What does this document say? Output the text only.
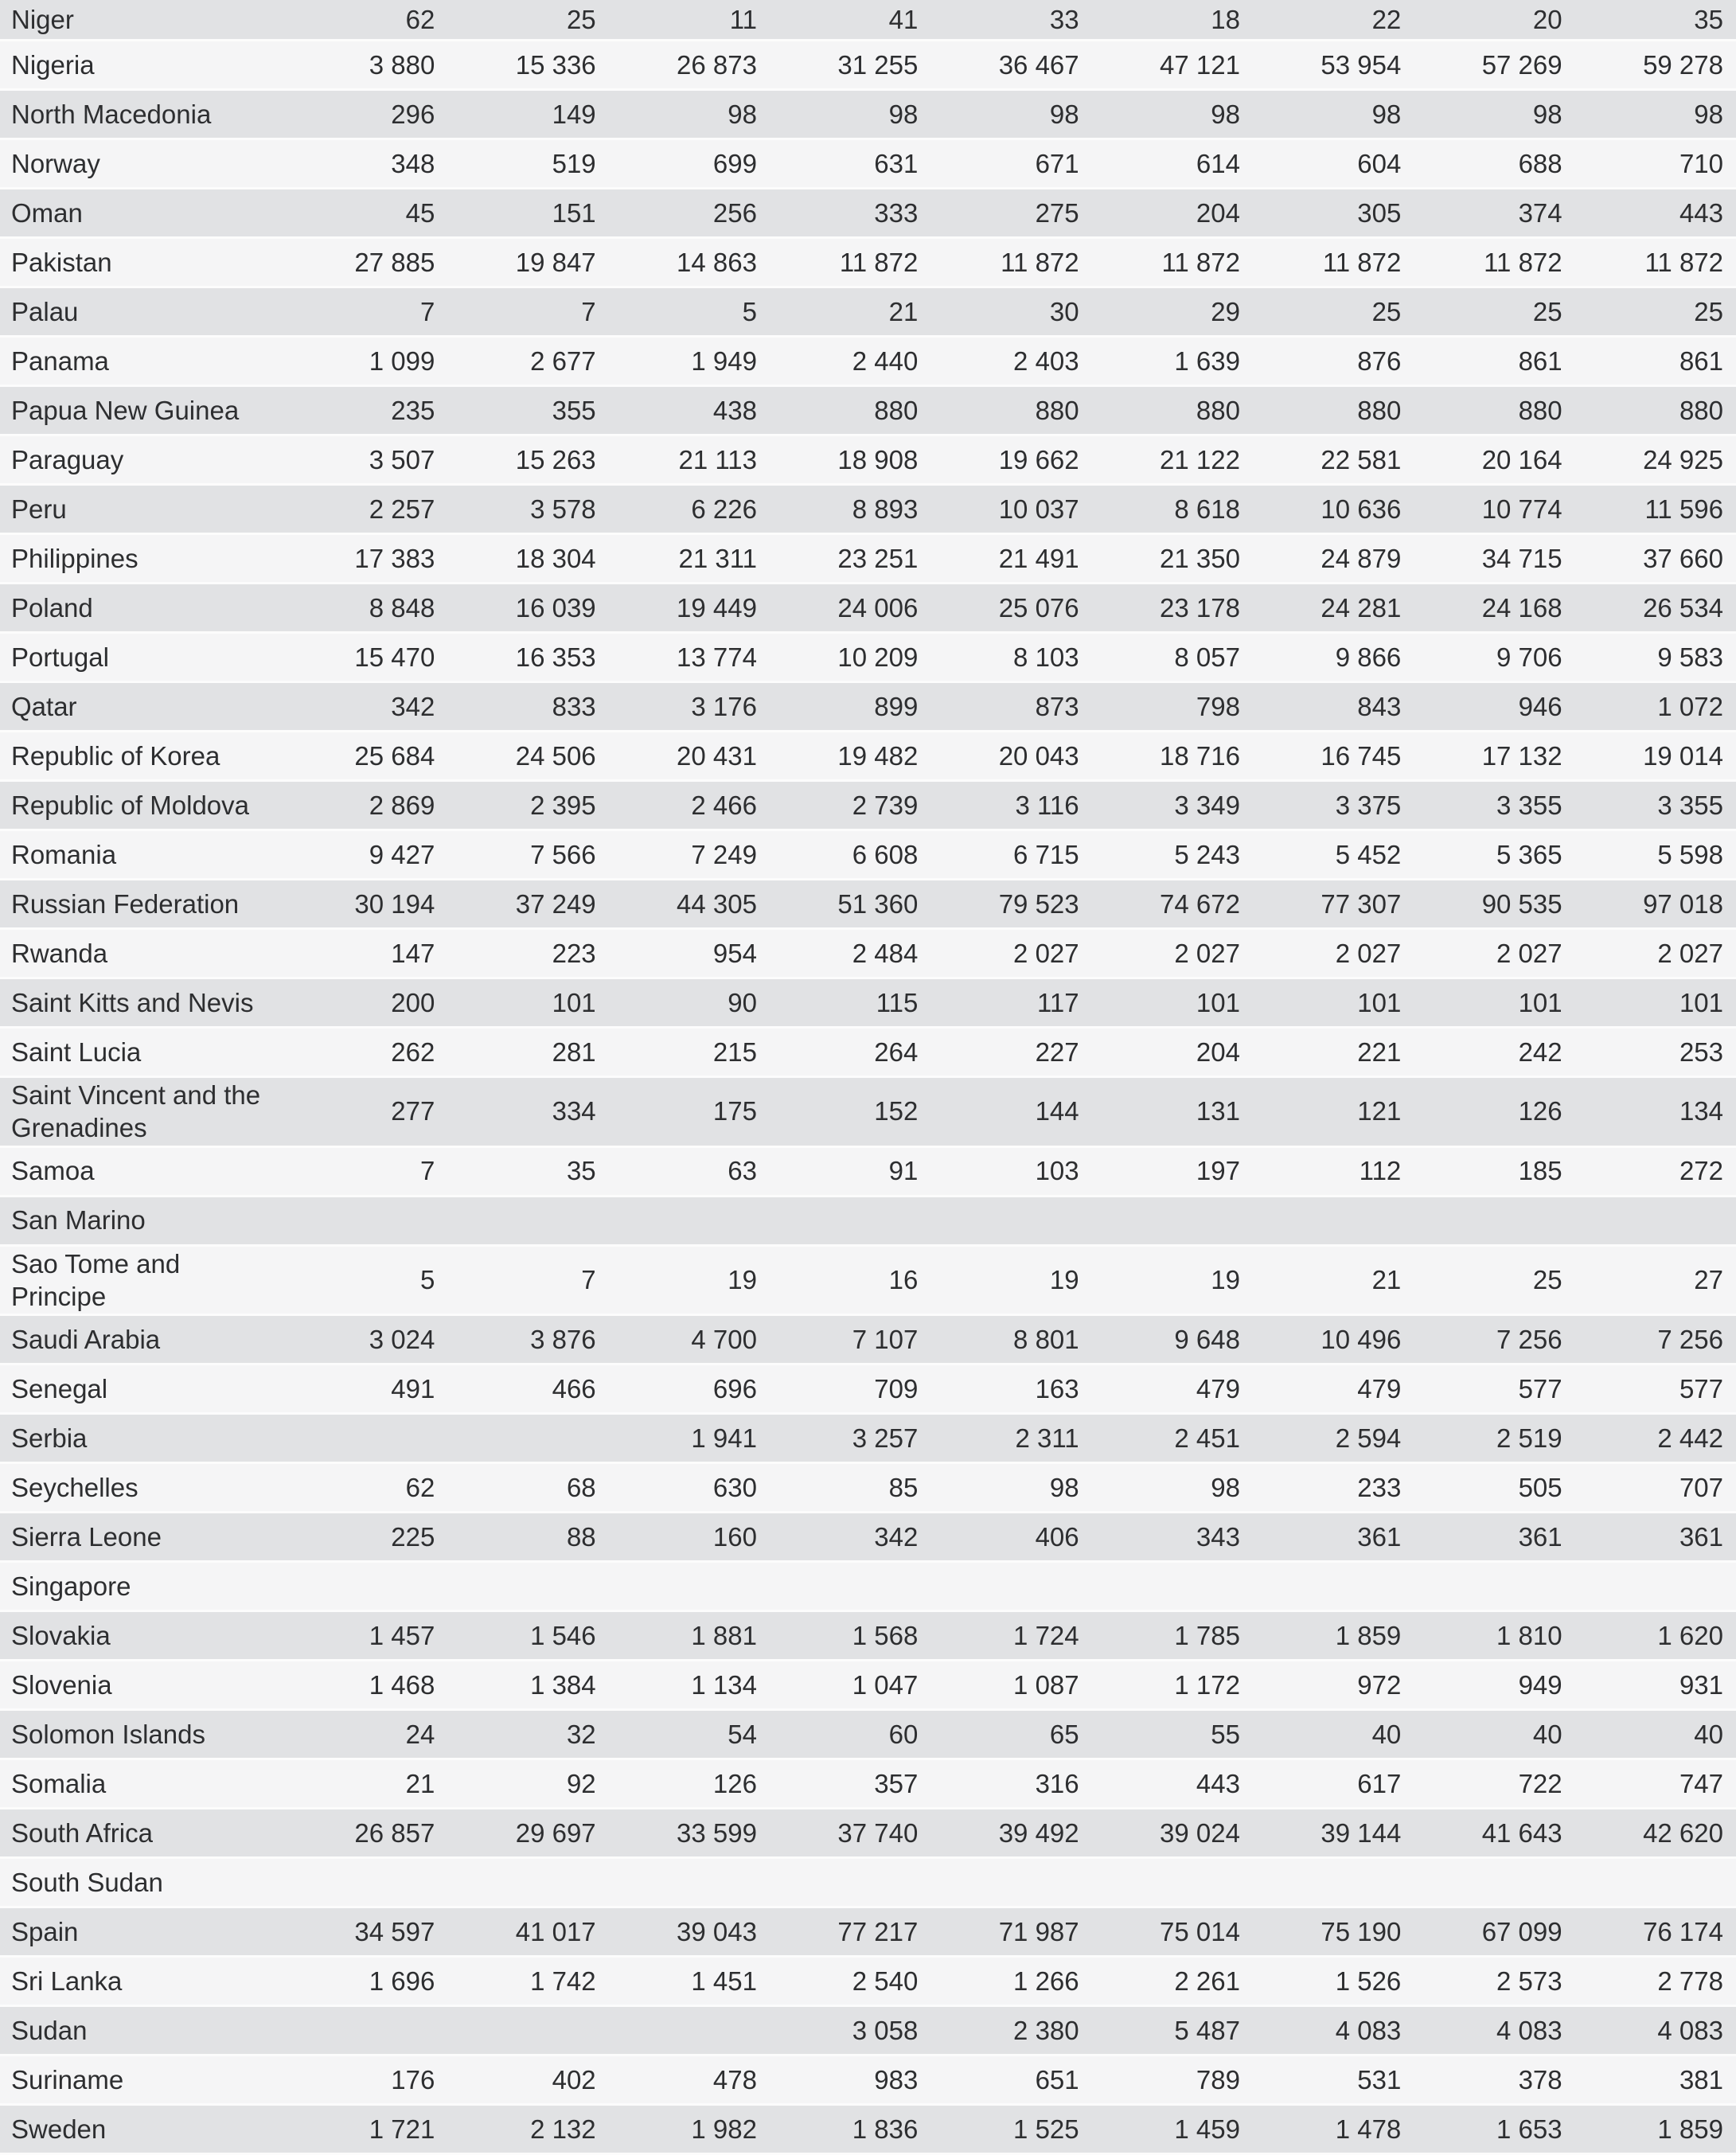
Niger	62	25	11	41	33	18	22	20	35
Nigeria	3 880	15 336	26 873	31 255	36 467	47 121	53 954	57 269	59 278
North Macedonia	296	149	98	98	98	98	98	98	98
Norway	348	519	699	631	671	614	604	688	710
Oman	45	151	256	333	275	204	305	374	443
Pakistan	27 885	19 847	14 863	11 872	11 872	11 872	11 872	11 872	11 872
Palau	7	7	5	21	30	29	25	25	25
Panama	1 099	2 677	1 949	2 440	2 403	1 639	876	861	861
Papua New Guinea	235	355	438	880	880	880	880	880	880
Paraguay	3 507	15 263	21 113	18 908	19 662	21 122	22 581	20 164	24 925
Peru	2 257	3 578	6 226	8 893	10 037	8 618	10 636	10 774	11 596
Philippines	17 383	18 304	21 311	23 251	21 491	21 350	24 879	34 715	37 660
Poland	8 848	16 039	19 449	24 006	25 076	23 178	24 281	24 168	26 534
Portugal	15 470	16 353	13 774	10 209	8 103	8 057	9 866	9 706	9 583
Qatar	342	833	3 176	899	873	798	843	946	1 072
Republic of Korea	25 684	24 506	20 431	19 482	20 043	18 716	16 745	17 132	19 014
Republic of Moldova	2 869	2 395	2 466	2 739	3 116	3 349	3 375	3 355	3 355
Romania	9 427	7 566	7 249	6 608	6 715	5 243	5 452	5 365	5 598
Russian Federation	30 194	37 249	44 305	51 360	79 523	74 672	77 307	90 535	97 018
Rwanda	147	223	954	2 484	2 027	2 027	2 027	2 027	2 027
Saint Kitts and Nevis	200	101	90	115	117	101	101	101	101
Saint Lucia	262	281	215	264	227	204	221	242	253
Saint Vincent and the Grenadines	277	334	175	152	144	131	121	126	134
Samoa	7	35	63	91	103	197	112	185	272
San Marino									
Sao Tome and Principe	5	7	19	16	19	19	21	25	27
Saudi Arabia	3 024	3 876	4 700	7 107	8 801	9 648	10 496	7 256	7 256
Senegal	491	466	696	709	163	479	479	577	577
Serbia			1 941	3 257	2 311	2 451	2 594	2 519	2 442
Seychelles	62	68	630	85	98	98	233	505	707
Sierra Leone	225	88	160	342	406	343	361	361	361
Singapore									
Slovakia	1 457	1 546	1 881	1 568	1 724	1 785	1 859	1 810	1 620
Slovenia	1 468	1 384	1 134	1 047	1 087	1 172	972	949	931
Solomon Islands	24	32	54	60	65	55	40	40	40
Somalia	21	92	126	357	316	443	617	722	747
South Africa	26 857	29 697	33 599	37 740	39 492	39 024	39 144	41 643	42 620
South Sudan									
Spain	34 597	41 017	39 043	77 217	71 987	75 014	75 190	67 099	76 174
Sri Lanka	1 696	1 742	1 451	2 540	1 266	2 261	1 526	2 573	2 778
Sudan				3 058	2 380	5 487	4 083	4 083	4 083
Suriname	176	402	478	983	651	789	531	378	381
Sweden	1 721	2 132	1 982	1 836	1 525	1 459	1 478	1 653	1 859
